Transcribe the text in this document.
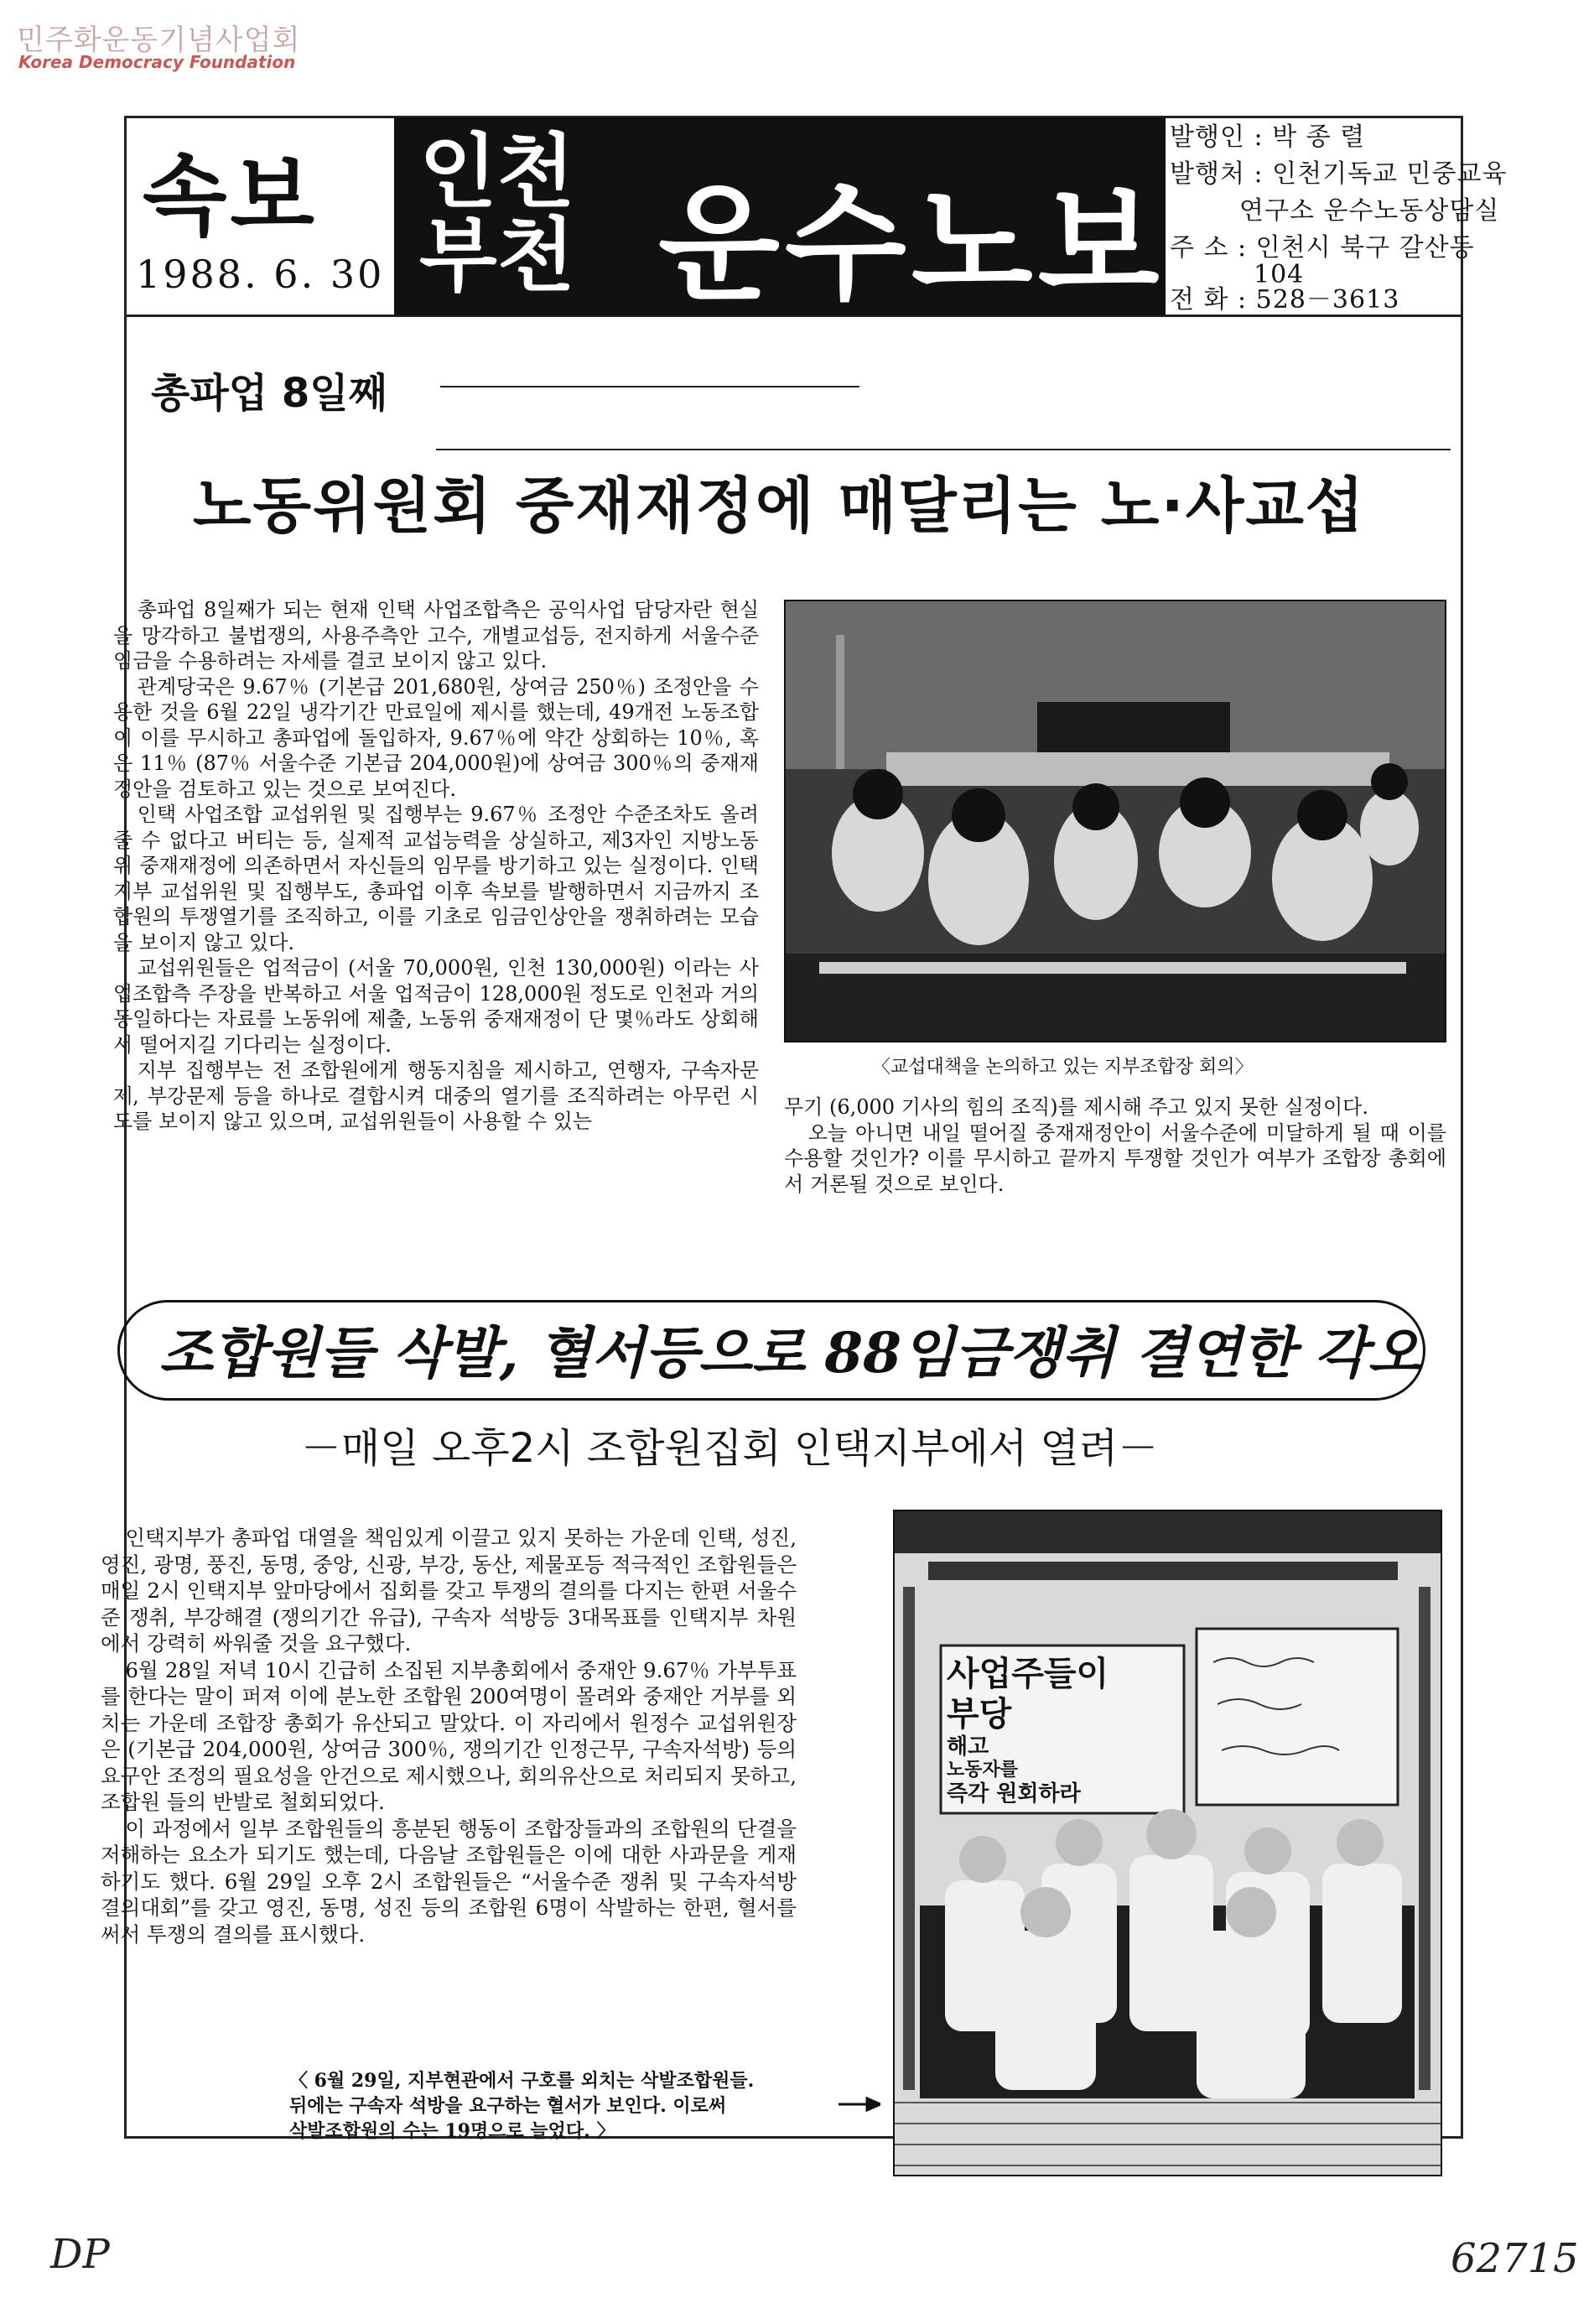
민주화운동기념사업회
Korea Democracy Foundation
속보
1988. 6. 30
인천
부천 운수노보
발행인 : 박 종 렬
발행처 : 인천기독교 민중교육
연구소 운수노동상담실
주 소 : 인천시 북구 갈산동
104
전 화 : 528－3613
총파업 8일째
노동위원회 중재재정에 매달리는 노·사교섭

총파업 8일째가 되는 현재 인택 사업조합측은 공익사업 담당자란 현실을 망각하고 불법쟁의, 사용주측안 고수, 개별교섭등, 전지하게 서울수준 임금을 수용하려는 자세를 결코 보이지 않고 있다.

관계당국은 9.67％ (기본급 201,680원, 상여금 250％) 조정안을 수용한 것을 6월 22일 냉각기간 만료일에 제시를 했는데, 49개전 노동조합이 이를 무시하고 총파업에 돌입하자, 9.67％에 약간 상회하는 10％, 혹은 11％ (87％ 서울수준 기본급 204,000원)에 상여금 300％의 중재재정안을 검토하고 있는 것으로 보여진다.

인택 사업조합 교섭위원 및 집행부는 9.67％ 조정안 수준조차도 올려줄 수 없다고 버티는 등, 실제적 교섭능력을 상실하고, 제3자인 지방노동위 중재재정에 의존하면서 자신들의 임무를 방기하고 있는 실정이다. 인택지부 교섭위원 및 집행부도, 총파업 이후 속보를 발행하면서 지금까지 조합원의 투쟁열기를 조직하고, 이를 기초로 임금인상안을 쟁취하려는 모습을 보이지 않고 있다.

교섭위원들은 업적금이 (서울 70,000원, 인천 130,000원) 이라는 사업조합측 주장을 반복하고 서울 업적금이 128,000원 정도로 인천과 거의 동일하다는 자료를 노동위에 제출, 노동위 중재재정이 단 몇％라도 상회해서 떨어지길 기다리는 실정이다.

지부 집행부는 전 조합원에게 행동지침을 제시하고, 연행자, 구속자문제, 부강문제 등을 하나로 결합시켜 대중의 열기를 조직하려는 아무런 시도를 보이지 않고 있으며, 교섭위원들이 사용할 수 있는

〈교섭대책을 논의하고 있는 지부조합장 회의〉

무기 (6,000 기사의 힘의 조직)를 제시해 주고 있지 못한 실정이다.

오늘 아니면 내일 떨어질 중재재정안이 서울수준에 미달하게 될 때 이를 수용할 것인가? 이를 무시하고 끝까지 투쟁할 것인가 여부가 조합장 총회에서 거론될 것으로 보인다.

조합원들 삭발, 혈서등으로 88임금쟁취 결연한 각오
－매일 오후2시 조합원집회 인택지부에서 열려－

인택지부가 총파업 대열을 책임있게 이끌고 있지 못하는 가운데 인택, 성진, 영진, 광명, 풍진, 동명, 중앙, 신광, 부강, 동산, 제물포등 적극적인 조합원들은 매일 2시 인택지부 앞마당에서 집회를 갖고 투쟁의 결의를 다지는 한편 서울수준 쟁취, 부강해결 (쟁의기간 유급), 구속자 석방등 3대목표를 인택지부 차원에서 강력히 싸워줄 것을 요구했다.

6월 28일 저녁 10시 긴급히 소집된 지부총회에서 중재안 9.67％ 가부투표를 한다는 말이 퍼져 이에 분노한 조합원 200여명이 몰려와 중재안 거부를 외치는 가운데 조합장 총회가 유산되고 말았다. 이 자리에서 원정수 교섭위원장은 (기본급 204,000원, 상여금 300％, 쟁의기간 인정근무, 구속자석방) 등의 요구안 조정의 필요성을 안건으로 제시했으나, 회의유산으로 처리되지 못하고, 조합원 들의 반발로 철회되었다.

이 과정에서 일부 조합원들의 흥분된 행동이 조합장들과의 조합원의 단결을 저해하는 요소가 되기도 했는데, 다음날 조합원들은 이에 대한 사과문을 게재하기도 했다. 6월 29일 오후 2시 조합원들은 “서울수준 쟁취 및 구속자석방 결의대회”를 갖고 영진, 동명, 성진 등의 조합원 6명이 삭발하는 한편, 혈서를 써서 투쟁의 결의를 표시했다.

사업주들이
부당
해고
노동자를
즉각 원회하라
〈 6월 29일, 지부현관에서 구호를 외치는 삭발조합원들.
뒤에는 구속자 석방을 요구하는 혈서가 보인다. 이로써
삭발조합원의 수는 19명으로 늘었다. 〉
DP	62715
